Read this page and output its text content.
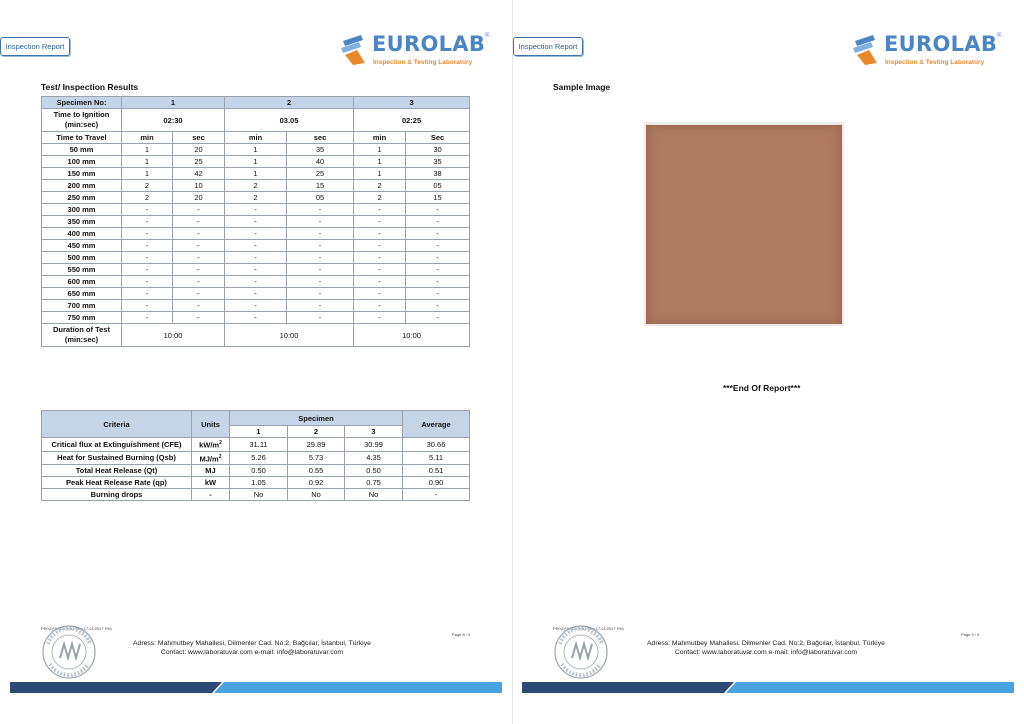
Inspection Report	EUROLAB ®
Inspection & Testing Laboratory
Test/ Inspection Results
Specimen No:	1		2		3	
Time to Ignition
(min:sec)	02:30		03.05		02:25	
Time to Travel	min	sec	min	sec	min	Sec
50 mm	1	20	1	35	1	30
100 mm	1	25	1	40	1	35
150 mm	1	42	1	25	1	38
200 mm	2	10	2	15	2	05
250 mm	2	20	2	05	2	15
300 mm	-	-	-	-	-	-
350 mm	-	-	-	-	-	-
400 mm	-	-	-	-	-	-
450 mm	-	-	-	-	-	-
500 mm	-	-	-	-	-	-
550 mm	-	-	-	-	-	-
600 mm	-	-	-	-	-	-
650 mm	-	-	-	-	-	-
700 mm	-	-	-	-	-	-
750 mm	-	-	-	-	-	-
Duration of Test
(min:sec)	10:00		10:00		10:00	
Criteria	Units	Specimen			Average
		1	2	3	
Critical flux at Extinguishment (CFE)	$kW/m^2$	31.11	29.89	30.99	30.66
Heat for Sustained Burning (Qsb)	$MJ/m^2$	5.26	5.73	4.35	5.11
Total Heat Release (Qt)	MJ	0.50	0.55	0.50	0.51
Peak Heat Release Rate (qp)	kW	1.05	0.92	0.75	0.90
Burning drops	-	No	No	No	-
PR03-F07/08 R:02 Rev 17.01.2017 R01
Page 8 / 9
Adress: Mahmutbey Mahallesi, Dilmenler Cad. No:2, Bağcılar, İstanbul, Türkiye
Contact: www.laboratuvar.com e-mail: info@laboratuvar.com
Inspection Report	EUROLAB ®
Inspection & Testing Laboratory
Sample Image
***End Of Report***
PR03-F07/08 R:02 Rev 17.01.2017 R01
Page 9 / 9
Adress: Mahmutbey Mahallesi, Dilmenler Cad. No:2, Bağcılar, İstanbul, Türkiye
Contact: www.laboratuvar.com e-mail: info@laboratuvar.com
